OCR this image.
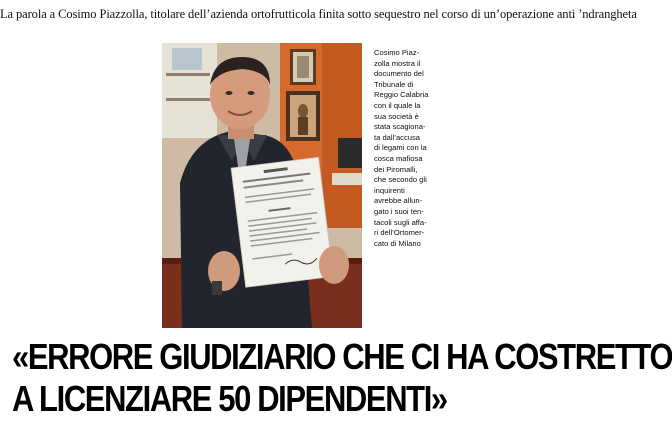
La parola a Cosimo Piazzolla, titolare dell’azienda ortofrutticola finita sotto sequestro nel corso di un’operazione anti ’ndrangheta
Cosimo Piaz-
zolla mostra il
documento del
Tribunale di
Reggio Calabria
con il quale la
sua società è
stata scagiona-
ta dall’accusa
di legami con la
cosca mafiosa
dei Piromalli,
che secondo gli
inquirenti
avrebbe allun-
gato i suoi ten-
tacoli sugli affa-
ri dell’Ortomer-
cato di Milano
«ERRORE GIUDIZIARIO CHE CI HA COSTRETTO
A LICENZIARE 50 DIPENDENTI»
